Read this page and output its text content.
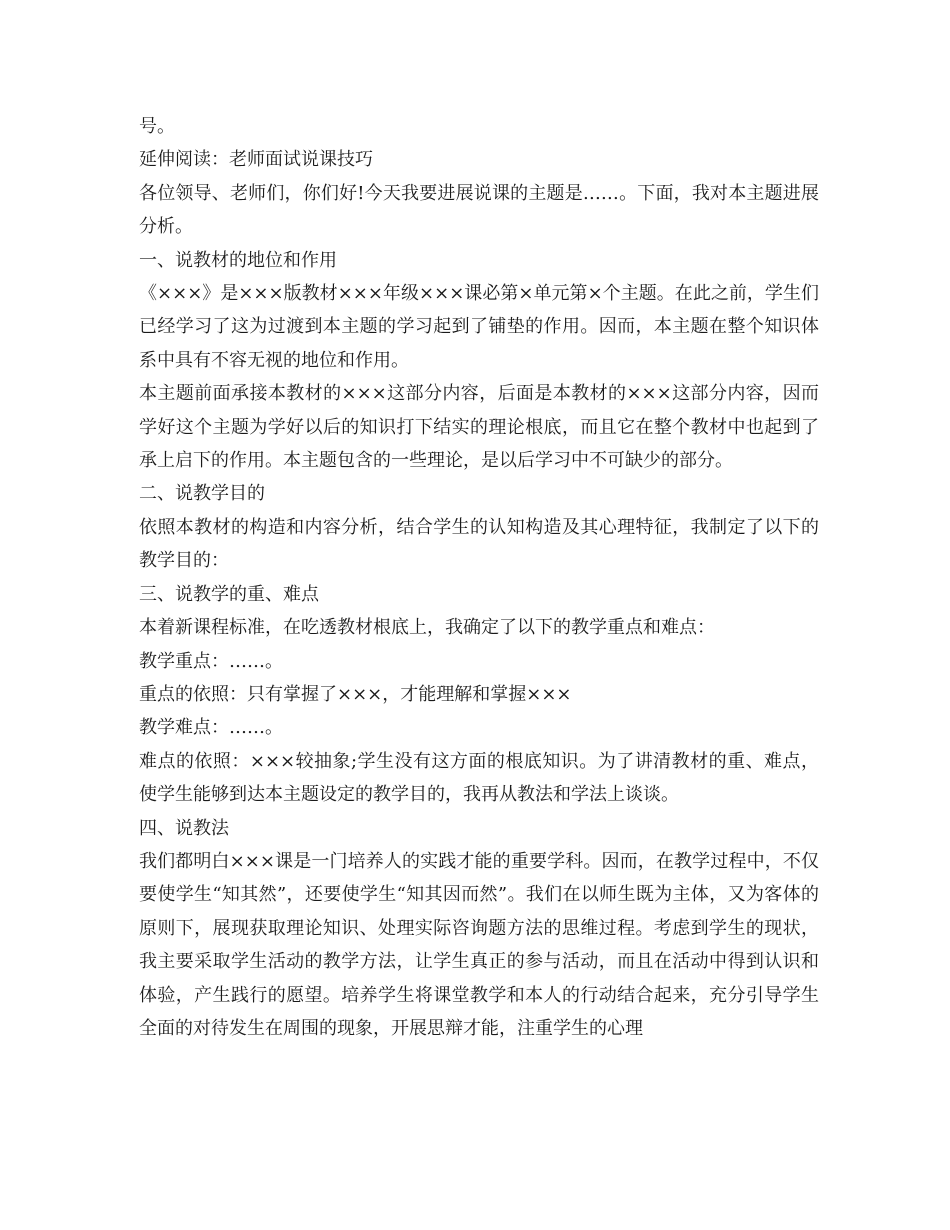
号。

延伸阅读：老师面试说课技巧

各位领导、老师们，你们好!今天我要进展说课的主题是……。下面，我对本主题进展分析。

一、说教材的地位和作用

《×××》是×××版教材×××年级×××课必第×单元第×个主题。在此之前，学生们已经学习了这为过渡到本主题的学习起到了铺垫的作用。因而，本主题在整个知识体系中具有不容无视的地位和作用。

本主题前面承接本教材的×××这部分内容，后面是本教材的×××这部分内容，因而学好这个主题为学好以后的知识打下结实的理论根底，而且它在整个教材中也起到了承上启下的作用。本主题包含的一些理论，是以后学习中不可缺少的部分。

二、说教学目的

依照本教材的构造和内容分析，结合学生的认知构造及其心理特征，我制定了以下的教学目的：

三、说教学的重、难点

本着新课程标准，在吃透教材根底上，我确定了以下的教学重点和难点：

教学重点：……。

重点的依照：只有掌握了×××，才能理解和掌握×××

教学难点：……。

难点的依照：×××较抽象;学生没有这方面的根底知识。为了讲清教材的重、难点，使学生能够到达本主题设定的教学目的，我再从教法和学法上谈谈。

四、说教法

我们都明白×××课是一门培养人的实践才能的重要学科。因而，在教学过程中，不仅要使学生“知其然”，还要使学生“知其因而然”。我们在以师生既为主体，又为客体的原则下，展现获取理论知识、处理实际咨询题方法的思维过程。考虑到学生的现状，我主要采取学生活动的教学方法，让学生真正的参与活动，而且在活动中得到认识和体验，产生践行的愿望。培养学生将课堂教学和本人的行动结合起来，充分引导学生全面的对待发生在周围的现象，开展思辩才能，注重学生的心理
